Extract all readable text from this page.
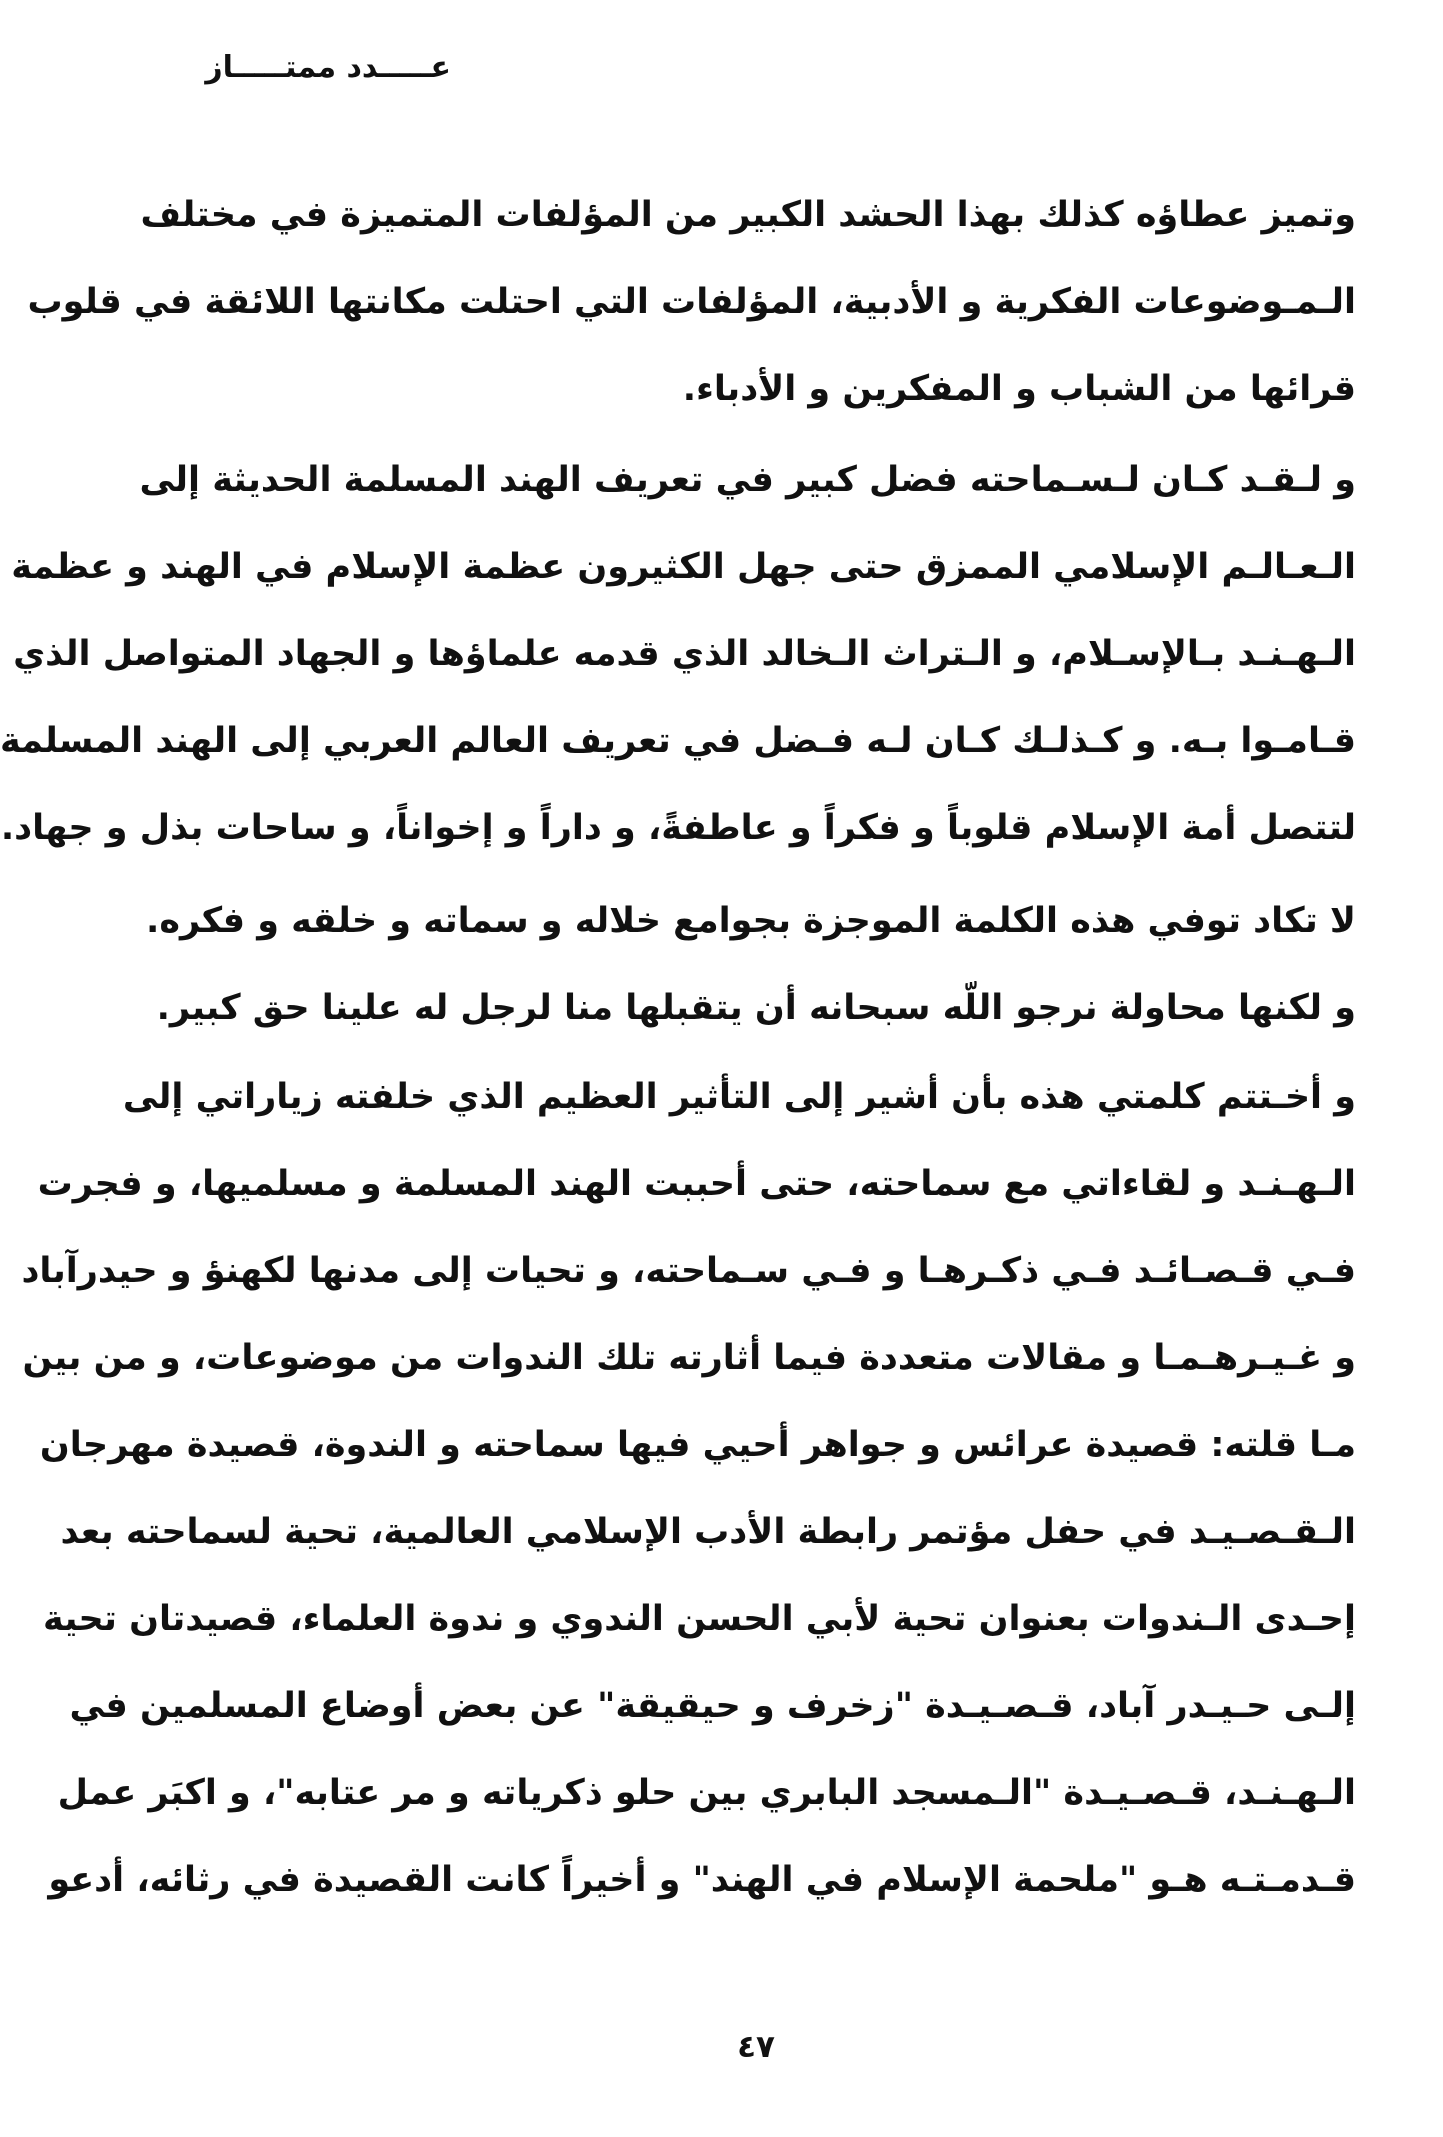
عـــــدد ممتـــــاز

وتميز عطاؤه كذلك بهذا الحشد الكبير من المؤلفات المتميزة في مختلف
الـمـوضوعات الفكرية و الأدبية، المؤلفات التي احتلت مكانتها اللائقة في قلوب
قرائها من الشباب و المفكرين و الأدباء.

و لـقـد كـان لـسـماحته فضل كبير في تعريف الهند المسلمة الحديثة إلى
الـعـالـم الإسلامي الممزق حتى جهل الكثيرون عظمة الإسلام في الهند و عظمة
الـهـنـد بـالإسـلام، و الـتراث الـخالد الذي قدمه علماؤها و الجهاد المتواصل الذي
قـامـوا بـه. و كـذلـك كـان لـه فـضل في تعريف العالم العربي إلى الهند المسلمة
لتتصل أمة الإسلام قلوباً و فكراً و عاطفةً، و داراً و إخواناً، و ساحات بذل و جهاد.

لا تكاد توفي هذه الكلمة الموجزة بجوامع خلاله و سماته و خلقه و فكره.
و لكنها محاولة نرجو اللّه سبحانه أن يتقبلها منا لرجل له علينا حق كبير.

و أخـتتم كلمتي هذه بأن أشير إلى التأثير العظيم الذي خلفته زياراتي إلى
الـهـنـد و لقاءاتي مع سماحته، حتى أحببت الهند المسلمة و مسلميها، و فجرت
فـي قـصـائـد فـي ذكـرهـا و فـي سـماحته، و تحيات إلى مدنها لكهنؤ و حيدرآباد
و غـيـرهـمـا و مقالات متعددة فيما أثارته تلك الندوات من موضوعات، و من بين
مـا قلته: قصيدة عرائس و جواهر أحيي فيها سماحته و الندوة، قصيدة مهرجان
الـقـصـيـد في حفل مؤتمر رابطة الأدب الإسلامي العالمية، تحية لسماحته بعد
إحـدى الـندوات بعنوان تحية لأبي الحسن الندوي و ندوة العلماء، قصيدتان تحية
إلـى حـيـدر آباد، قـصـيـدة "زخرف و حيقيقة" عن بعض أوضاع المسلمين في
الـهـنـد، قـصـيـدة "الـمسجد البابري بين حلو ذكرياته و مر عتابه"، و اكبَر عمل
قـدمـتـه هـو "ملحمة الإسلام في الهند" و أخيراً كانت القصيدة في رثائه، أدعو

٤٧
